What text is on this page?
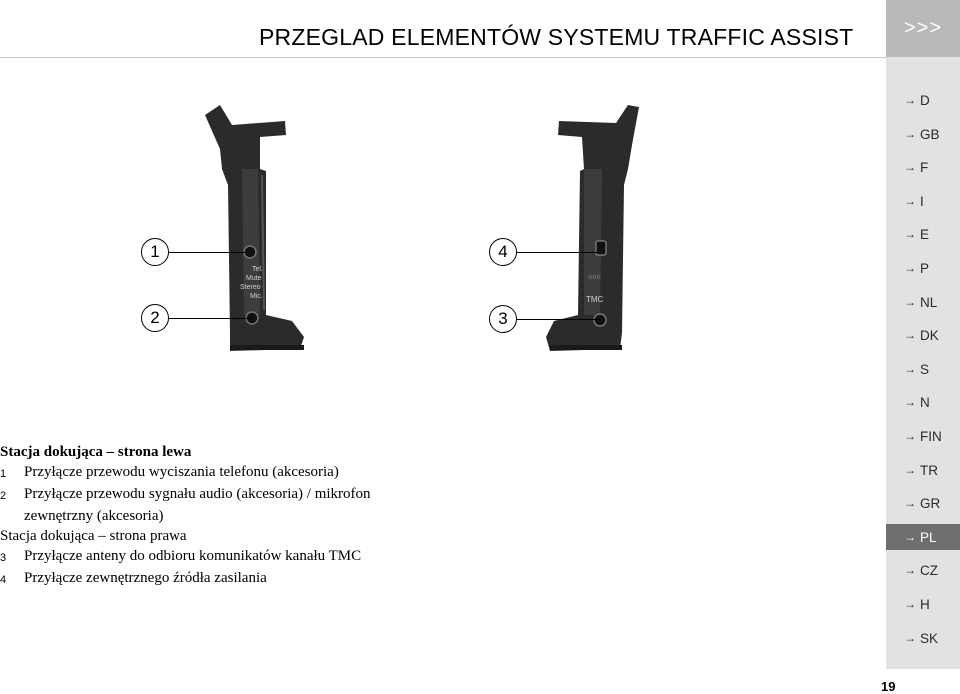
PRZEGLAD ELEMENTÓW SYSTEMU TRAFFIC ASSIST	>>>
→ D
→ GB
→ F
→ I
→ E
→ P
→ NL
→ DK
→ S
→ N
→ FIN
→ TR
→ GR
→ PL
→ CZ
→ H
→ SK
Tel.
Mute
Stereo
Mic.
○○○
TMC
1
2
4
3
Stacja dokująca – strona lewa
1	Przyłącze przewodu wyciszania telefonu (akcesoria)
2	Przyłącze przewodu sygnału audio (akcesoria) / mikrofon
zewnętrzny (akcesoria)
Stacja dokująca – strona prawa
3	Przyłącze anteny do odbioru komunikatów kanału TMC
4	Przyłącze zewnętrznego źródła zasilania
19
